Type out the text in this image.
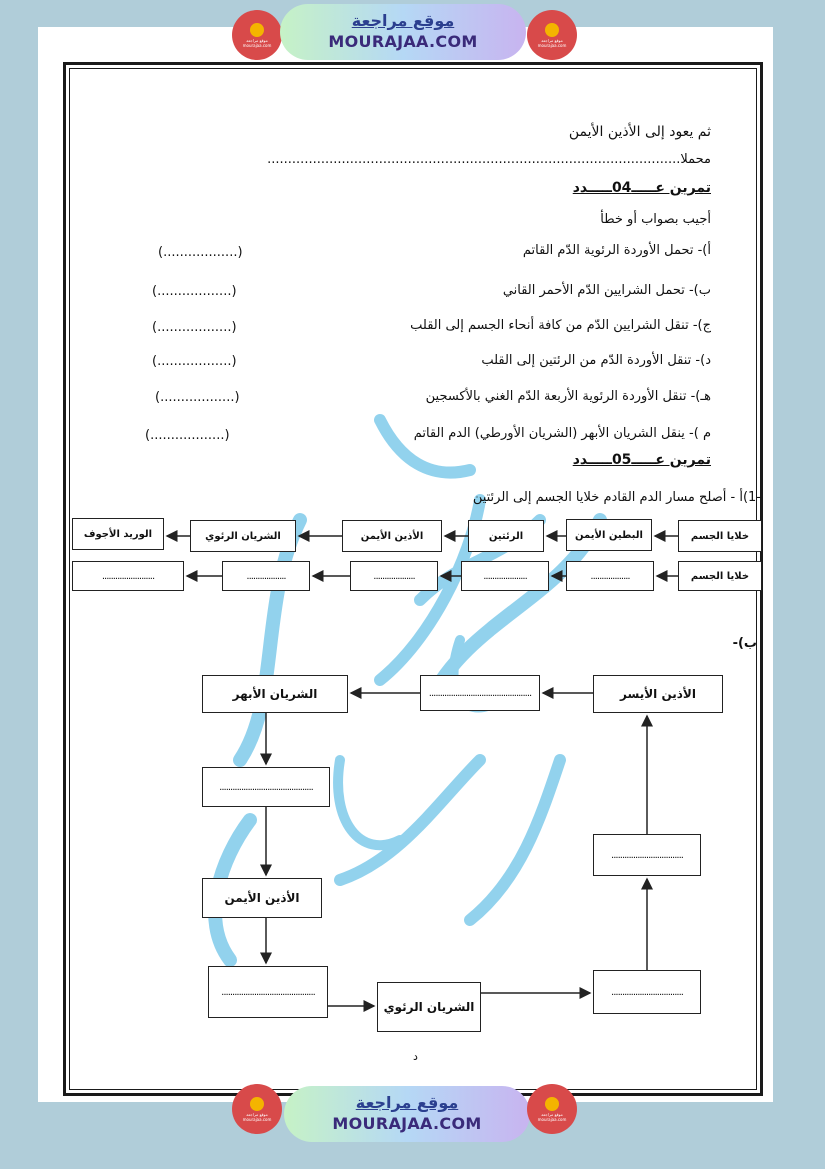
موقع مراجعة
mourajaa.com
موقع مراجعة
MOURAJAA.COM	موقع مراجعة
mourajaa.com
ثم يعود إلى الأذين الأيمن
محملا....................................................................................................
تمرين عـــــ04ـــــدد
أجيب بصواب أو خطأ
أ)- تحمل الأوردة الرئوية الدّم القاتم
(..................)
ب)- تحمل الشرايين الدّم الأحمر القاني
(..................)
ج)- تنقل الشرايين الدّم من كافة أنحاء الجسم إلى القلب
(..................)
د)- تنقل الأوردة الدّم من الرئتين إلى القلب
(..................)
هـ)- تنقل الأوردة الرئوية الأربعة الدّم الغني بالأكسجين
(..................)
م )- ينقل الشريان الأبهر (الشريان الأورطي) الدم القاتم
(..................)
تمرين عـــــ05ـــــدد
-1)أ - أصلح مسار الدم القادم خلايا الجسم إلى الرئتين
خلايا الجسم
البطين الأيمن
الرئتين
الأذين الأيمن
الشريان الرئوي
الوريد الأجوف
خلايا الجسم
..................
....................
...................
..................
........................
ب)-
الأذين الأيسر
...............................................
الشريان الأبهر
...........................................
الأذين الأيمن
...........................................
الشريان الرئوي
.................................
.................................
د
موقع مراجعة
mourajaa.com
موقع مراجعة
MOURAJAA.COM	موقع مراجعة
mourajaa.com
